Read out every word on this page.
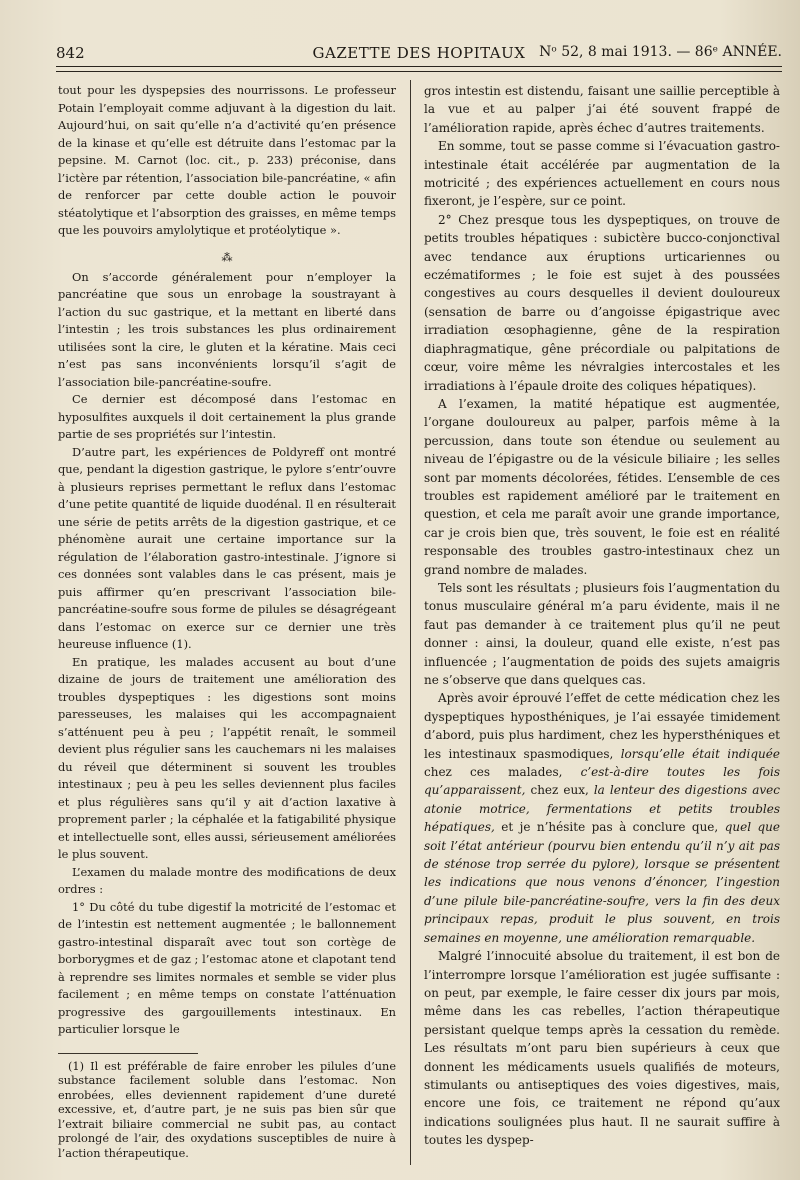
842	GAZETTE DES HOPITAUX Nᵒ 52, 8 mai 1913. — 86ᵉ ANNÉE.

tout pour les dyspepsies des nourrissons. Le professeur Potain l’employait comme adjuvant à la digestion du lait. Aujourd’hui, on sait qu’elle n’a d’activité qu’en présence de la kinase et qu’elle est détruite dans l’estomac par la pepsine. M. Carnot (loc. cit., p. 233) préconise, dans l’ictère par rétention, l’association bile-pancréatine, « afin de renforcer par cette double action le pouvoir stéatolytique et l’absorption des graisses, en même temps que les pouvoirs amylolytique et protéolytique ».

⁂

On s’accorde généralement pour n’employer la pancréatine que sous un enrobage la soustrayant à l’action du suc gastrique, et la mettant en liberté dans l’intestin ; les trois substances les plus ordinairement utilisées sont la cire, le gluten et la kératine. Mais ceci n’est pas sans inconvénients lorsqu’il s’agit de l’association bile-pancréatine-soufre.

Ce dernier est décomposé dans l’estomac en hyposulfites auxquels il doit certainement la plus grande partie de ses propriétés sur l’intestin.

D’autre part, les expériences de Poldyreff ont montré que, pendant la digestion gastrique, le pylore s’entr’ouvre à plusieurs reprises permettant le reflux dans l’estomac d’une petite quantité de liquide duodénal. Il en résulterait une série de petits arrêts de la digestion gastrique, et ce phénomène aurait une certaine importance sur la régulation de l’élaboration gastro-intestinale. J’ignore si ces données sont valables dans le cas présent, mais je puis affirmer qu’en prescrivant l’association bile-pancréatine-soufre sous forme de pilules se désagrégeant dans l’estomac on exerce sur ce dernier une très heureuse influence (1).

En pratique, les malades accusent au bout d’une dizaine de jours de traitement une amélioration des troubles dyspeptiques : les digestions sont moins paresseuses, les malaises qui les accompagnaient s’atténuent peu à peu ; l’appétit renaît, le sommeil devient plus régulier sans les cauchemars ni les malaises du réveil que déterminent si souvent les troubles intestinaux ; peu à peu les selles deviennent plus faciles et plus régulières sans qu’il y ait d’action laxative à proprement parler ; la céphalée et la fatigabilité physique et intellectuelle sont, elles aussi, sérieusement améliorées le plus souvent.

L’examen du malade montre des modifications de deux ordres :

1° Du côté du tube digestif la motricité de l’estomac et de l’intestin est nettement augmentée ; le ballonnement gastro-intestinal disparaît avec tout son cortège de borborygmes et de gaz ; l’estomac atone et clapotant tend à reprendre ses limites normales et semble se vider plus facilement ; en même temps on constate l’atténuation progressive des gargouillements intestinaux. En particulier lorsque le

(1) Il est préférable de faire enrober les pilules d’une substance facilement soluble dans l’estomac. Non enrobées, elles deviennent rapidement d’une dureté excessive, et, d’autre part, je ne suis pas bien sûr que l’extrait biliaire commercial ne subit pas, au contact prolongé de l’air, des oxydations susceptibles de nuire à l’action thérapeutique.

gros intestin est distendu, faisant une saillie perceptible à la vue et au palper j’ai été souvent frappé de l’amélioration rapide, après échec d’autres traitements.

En somme, tout se passe comme si l’évacuation gastro-intestinale était accélérée par augmentation de la motricité ; des expériences actuellement en cours nous fixeront, je l’espère, sur ce point.

2° Chez presque tous les dyspeptiques, on trouve de petits troubles hépatiques : subictère bucco-conjonctival avec tendance aux éruptions urticariennes ou eczématiformes ; le foie est sujet à des poussées congestives au cours desquelles il devient douloureux (sensation de barre ou d’angoisse épigastrique avec irradiation œsophagienne, gêne de la respiration diaphragmatique, gêne précordiale ou palpitations de cœur, voire même les névralgies intercostales et les irradiations à l’épaule droite des coliques hépatiques).

A l’examen, la matité hépatique est augmentée, l’organe douloureux au palper, parfois même à la percussion, dans toute son étendue ou seulement au niveau de l’épigastre ou de la vésicule biliaire ; les selles sont par moments décolorées, fétides. L’ensemble de ces troubles est rapidement amélioré par le traitement en question, et cela me paraît avoir une grande importance, car je crois bien que, très souvent, le foie est en réalité responsable des troubles gastro-intestinaux chez un grand nombre de malades.

Tels sont les résultats ; plusieurs fois l’augmentation du tonus musculaire général m’a paru évidente, mais il ne faut pas demander à ce traitement plus qu’il ne peut donner : ainsi, la douleur, quand elle existe, n’est pas influencée ; l’augmentation de poids des sujets amaigris ne s’observe que dans quelques cas.

Après avoir éprouvé l’effet de cette médication chez les dyspeptiques hyposthéniques, je l’ai essayée timidement d’abord, puis plus hardiment, chez les hypersthéniques et les intestinaux spasmodiques, lorsqu’elle était indiquée chez ces malades, c’est-à-dire toutes les fois qu’apparaissent, chez eux, la lenteur des digestions avec atonie motrice, fermentations et petits troubles hépatiques, et je n’hésite pas à conclure que, quel que soit l’état antérieur (pourvu bien entendu qu’il n’y ait pas de sténose trop serrée du pylore), lorsque se présentent les indications que nous venons d’énoncer, l’ingestion d’une pilule bile-pancréatine-soufre, vers la fin des deux principaux repas, produit le plus souvent, en trois semaines en moyenne, une amélioration remarquable.

Malgré l’innocuité absolue du traitement, il est bon de l’interrompre lorsque l’amélioration est jugée suffisante : on peut, par exemple, le faire cesser dix jours par mois, même dans les cas rebelles, l’action thérapeutique persistant quelque temps après la cessation du remède. Les résultats m’ont paru bien supérieurs à ceux que donnent les médicaments usuels qualifiés de moteurs, stimulants ou antiseptiques des voies digestives, mais, encore une fois, ce traitement ne répond qu’aux indications soulignées plus haut. Il ne saurait suffire à toutes les dyspep-
